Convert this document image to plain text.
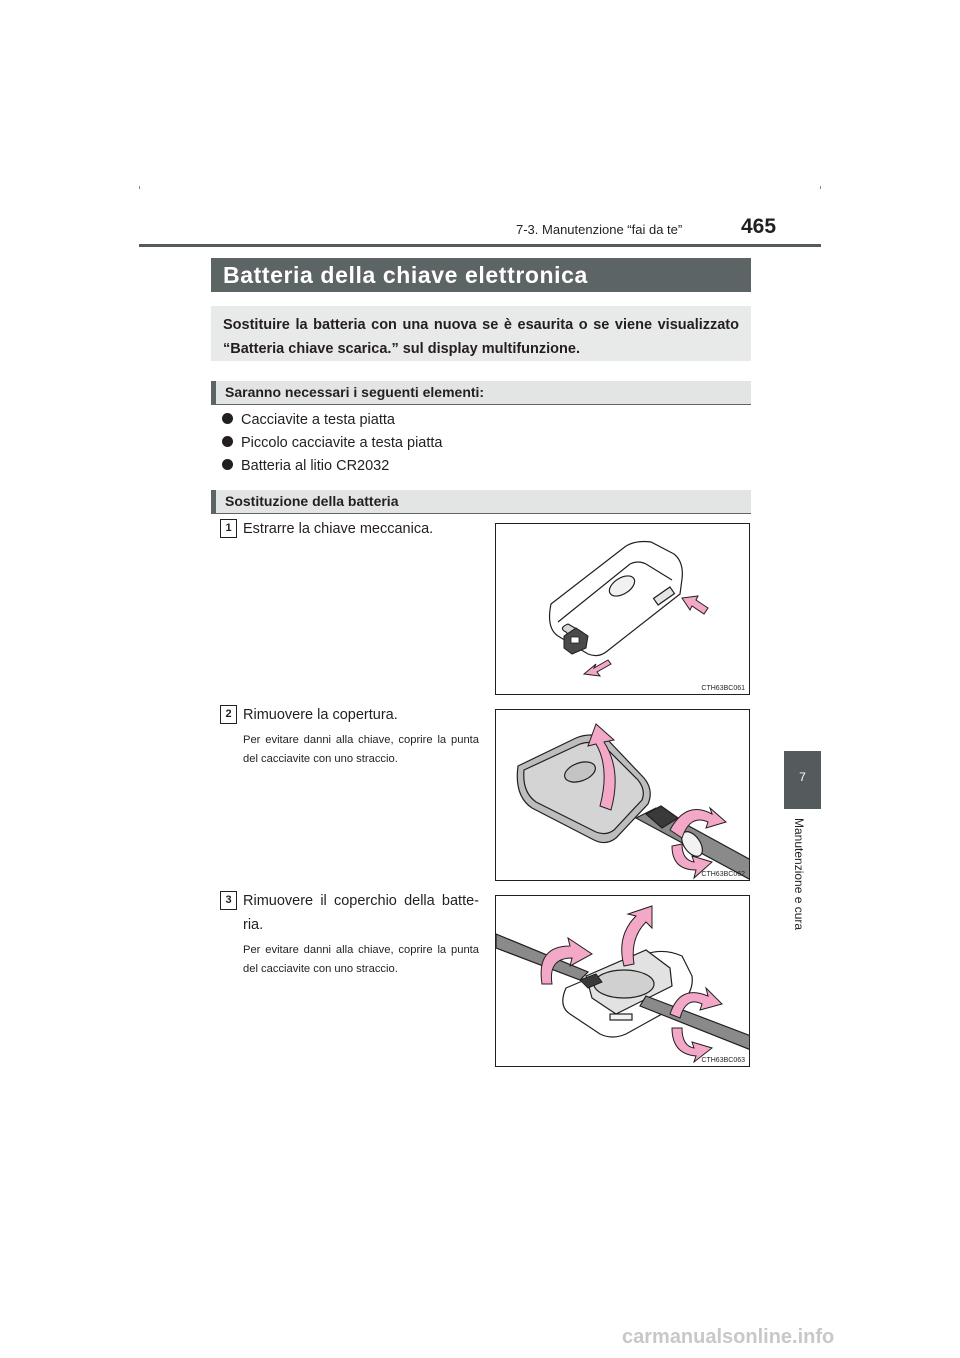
7-3. Manutenzione “fai da te”	465
7
Manutenzione e cura
Batteria della chiave elettronica
Sostituire la batteria con una nuova se è esaurita o se viene visualizzato “Batteria chiave scarica.” sul display multifunzione.
Saranno necessari i seguenti elementi:
Cacciavite a testa piatta
Piccolo cacciavite a testa piatta
Batteria al litio CR2032
Sostituzione della batteria
1 Estrarre la chiave meccanica.
CTH63BC061
2 Rimuovere la copertura.
Per evitare danni alla chiave, coprire la punta del cacciavite con uno straccio.
CTH63BC062
3 Rimuovere il coperchio della batte-ria.
Per evitare danni alla chiave, coprire la punta del cacciavite con uno straccio.
CTH63BC063
carmanualsonline.info
